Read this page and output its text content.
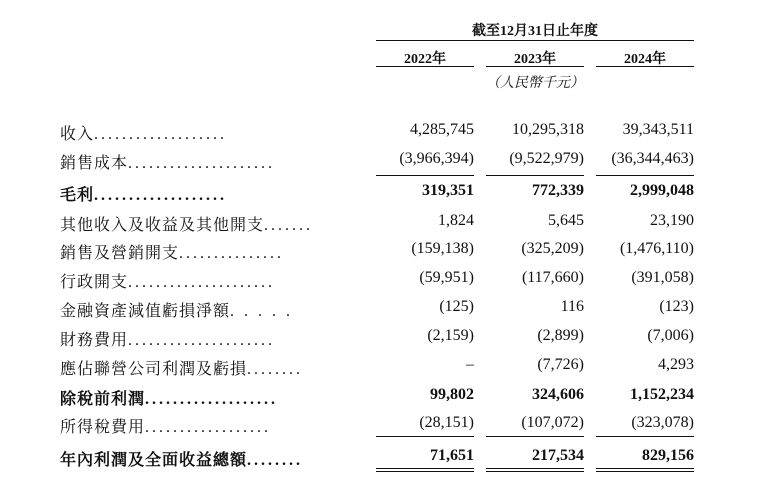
截至12月31日止年度
2022年	2023年	2024年
（人民幣千元）
收入...................	4,285,745	10,295,318	39,343,511
銷售成本.....................	(3,966,394)	(9,522,979)	(36,344,463)
毛利...................	319,351	772,339	2,999,048
其他收入及收益及其他開支.......	1,824	5,645	23,190
銷售及營銷開支...............	(159,138)	(325,209)	(1,476,110)
行政開支.....................	(59,951)	(117,660)	(391,058)
金融資產減值虧損淨額. . . . .	(125)	116	(123)
財務費用.....................	(2,159)	(2,899)	(7,006)
應佔聯營公司利潤及虧損........	–	(7,726)	4,293
除稅前利潤...................	99,802	324,606	1,152,234
所得稅費用..................	(28,151)	(107,072)	(323,078)
年內利潤及全面收益總額........	71,651	217,534	829,156
